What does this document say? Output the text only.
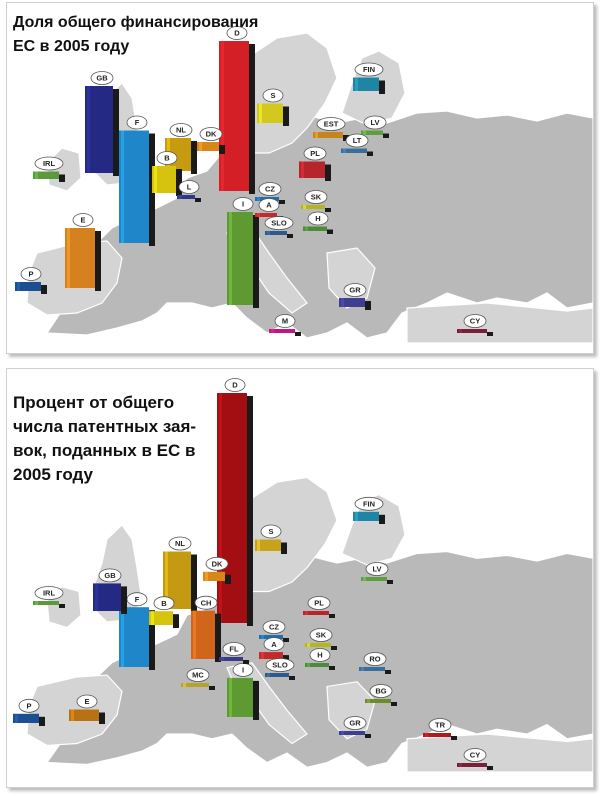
D
F
GB
I
E
NL
B
S
DK
PL
FIN
EST	LV
LT
IRL
P
CZ
A
SK
H
SLO
L
GR
M	CY
Доля общего финансирования
ЕС в 2005 году
D
NL
F	CH
I
GB
DK
S
B
FIN
E
P
IRL
LV
PL
CZ
A
SK
H
SLO
FL
MC
RO
BG
GR	TR
CY
Процент от общего
числа патентных зая-
вок, поданных в ЕС в
2005 году
